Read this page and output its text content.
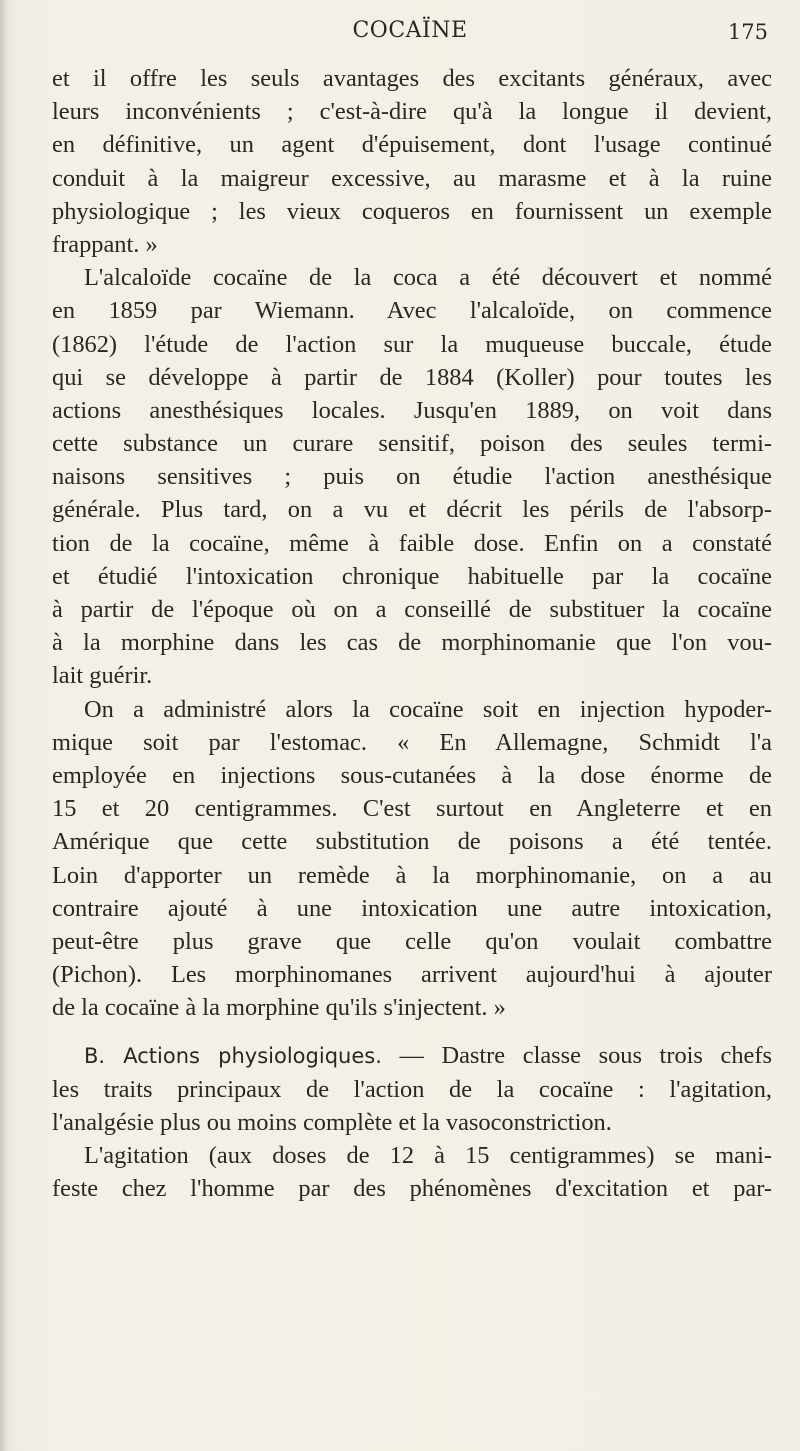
COCAÏNE	175
et il offre les seuls avantages des excitants généraux, avec
leurs inconvénients ; c'est-à-dire qu'à la longue il devient,
en définitive, un agent d'épuisement, dont l'usage continué
conduit à la maigreur excessive, au marasme et à la ruine
physiologique ; les vieux coqueros en fournissent un exemple
frappant. »
L'alcaloïde cocaïne de la coca a été découvert et nommé
en 1859 par Wiemann. Avec l'alcaloïde, on commence
(1862) l'étude de l'action sur la muqueuse buccale, étude
qui se développe à partir de 1884 (Koller) pour toutes les
actions anesthésiques locales. Jusqu'en 1889, on voit dans
cette substance un curare sensitif, poison des seules termi-
naisons sensitives ; puis on étudie l'action anesthésique
générale. Plus tard, on a vu et décrit les périls de l'absorp-
tion de la cocaïne, même à faible dose. Enfin on a constaté
et étudié l'intoxication chronique habituelle par la cocaïne
à partir de l'époque où on a conseillé de substituer la cocaïne
à la morphine dans les cas de morphinomanie que l'on vou-
lait guérir.
On a administré alors la cocaïne soit en injection hypoder-
mique soit par l'estomac. « En Allemagne, Schmidt l'a
employée en injections sous-cutanées à la dose énorme de
15 et 20 centigrammes. C'est surtout en Angleterre et en
Amérique que cette substitution de poisons a été tentée.
Loin d'apporter un remède à la morphinomanie, on a au
contraire ajouté à une intoxication une autre intoxication,
peut-être plus grave que celle qu'on voulait combattre
(Pichon). Les morphinomanes arrivent aujourd'hui à ajouter
de la cocaïne à la morphine qu'ils s'injectent. »
B. Actions physiologiques. — Dastre classe sous trois chefs
les traits principaux de l'action de la cocaïne : l'agitation,
l'analgésie plus ou moins complète et la vasoconstriction.
L'agitation (aux doses de 12 à 15 centigrammes) se mani-
feste chez l'homme par des phénomènes d'excitation et par-
